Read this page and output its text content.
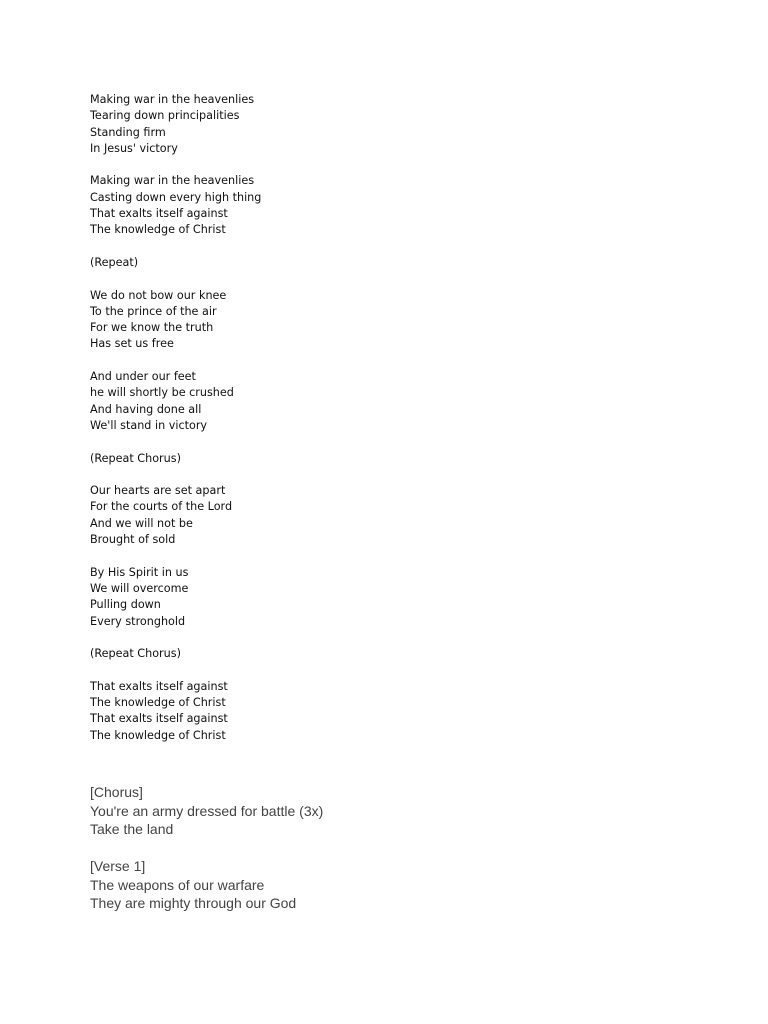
Making war in the heavenlies
Tearing down principalities
Standing firm
In Jesus' victory
Making war in the heavenlies
Casting down every high thing
That exalts itself against
The knowledge of Christ
(Repeat)
We do not bow our knee
To the prince of the air
For we know the truth
Has set us free
And under our feet
he will shortly be crushed
And having done all
We'll stand in victory
(Repeat Chorus)
Our hearts are set apart
For the courts of the Lord
And we will not be
Brought of sold
By His Spirit in us
We will overcome
Pulling down
Every stronghold
(Repeat Chorus)
That exalts itself against
The knowledge of Christ
That exalts itself against
The knowledge of Christ
[Chorus]
You're an army dressed for battle (3x)
Take the land
[Verse 1]
The weapons of our warfare
They are mighty through our God
